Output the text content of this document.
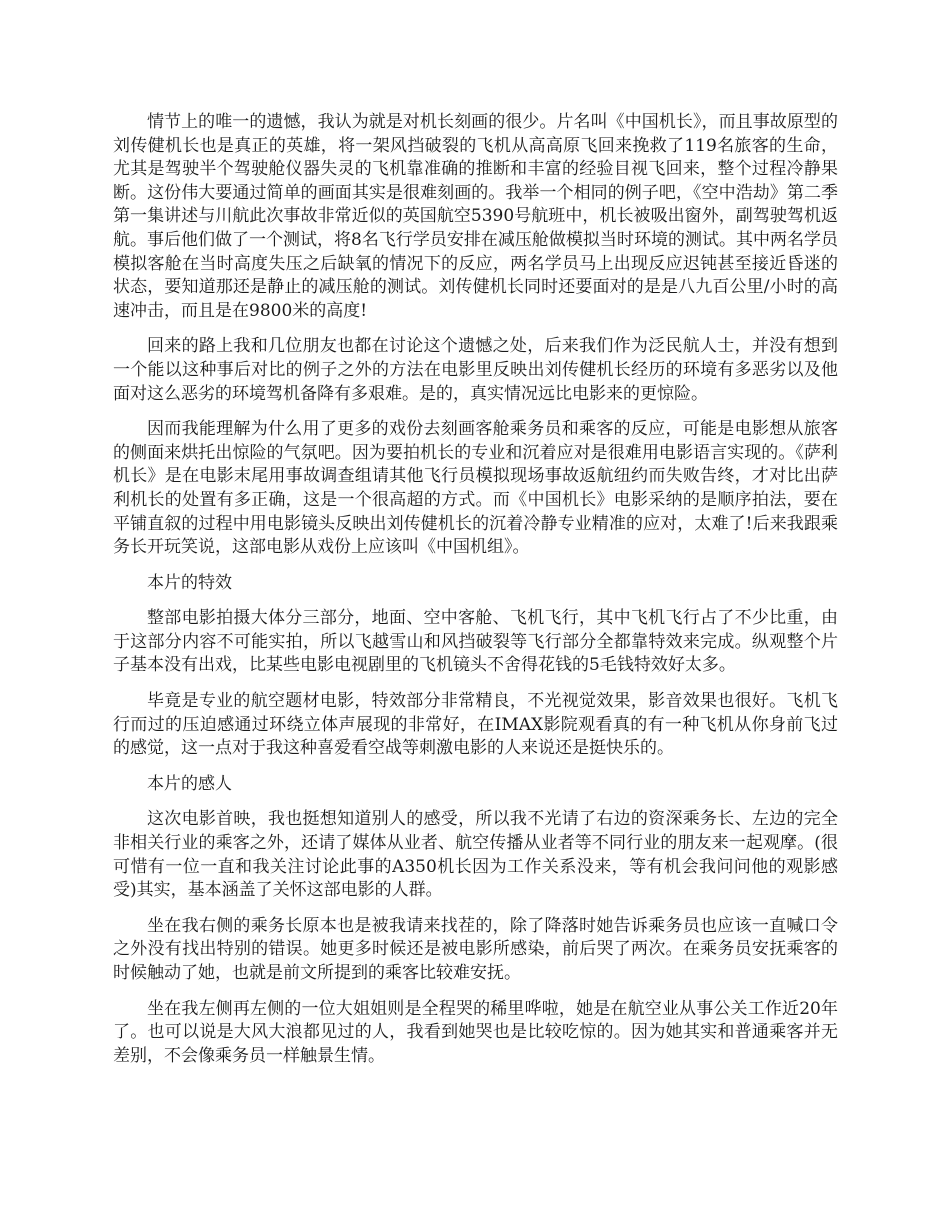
情节上的唯一的遗憾，我认为就是对机长刻画的很少。片名叫《中国机长》，而且事故原型的刘传健机长也是真正的英雄，将一架风挡破裂的飞机从高高原飞回来挽救了119名旅客的生命，尤其是驾驶半个驾驶舱仪器失灵的飞机靠准确的推断和丰富的经验目视飞回来，整个过程冷静果断。这份伟大要通过简单的画面其实是很难刻画的。我举一个相同的例子吧，《空中浩劫》第二季第一集讲述与川航此次事故非常近似的英国航空5390号航班中，机长被吸出窗外，副驾驶驾机返航。事后他们做了一个测试，将8名飞行学员安排在减压舱做模拟当时环境的测试。其中两名学员模拟客舱在当时高度失压之后缺氧的情况下的反应，两名学员马上出现反应迟钝甚至接近昏迷的状态，要知道那还是静止的减压舱的测试。刘传健机长同时还要面对的是是八九百公里/小时的高速冲击，而且是在9800米的高度!

回来的路上我和几位朋友也都在讨论这个遗憾之处，后来我们作为泛民航人士，并没有想到一个能以这种事后对比的例子之外的方法在电影里反映出刘传健机长经历的环境有多恶劣以及他面对这么恶劣的环境驾机备降有多艰难。是的，真实情况远比电影来的更惊险。

因而我能理解为什么用了更多的戏份去刻画客舱乘务员和乘客的反应，可能是电影想从旅客的侧面来烘托出惊险的气氛吧。因为要拍机长的专业和沉着应对是很难用电影语言实现的。《萨利机长》是在电影末尾用事故调查组请其他飞行员模拟现场事故返航纽约而失败告终，才对比出萨利机长的处置有多正确，这是一个很高超的方式。而《中国机长》电影采纳的是顺序拍法，要在平铺直叙的过程中用电影镜头反映出刘传健机长的沉着冷静专业精准的应对，太难了!后来我跟乘务长开玩笑说，这部电影从戏份上应该叫《中国机组》。

本片的特效

整部电影拍摄大体分三部分，地面、空中客舱、飞机飞行，其中飞机飞行占了不少比重，由于这部分内容不可能实拍，所以飞越雪山和风挡破裂等飞行部分全都靠特效来完成。纵观整个片子基本没有出戏，比某些电影电视剧里的飞机镜头不舍得花钱的5毛钱特效好太多。

毕竟是专业的航空题材电影，特效部分非常精良，不光视觉效果，影音效果也很好。飞机飞行而过的压迫感通过环绕立体声展现的非常好，在IMAX影院观看真的有一种飞机从你身前飞过的感觉，这一点对于我这种喜爱看空战等刺激电影的人来说还是挺快乐的。

本片的感人

这次电影首映，我也挺想知道别人的感受，所以我不光请了右边的资深乘务长、左边的完全非相关行业的乘客之外，还请了媒体从业者、航空传播从业者等不同行业的朋友来一起观摩。(很可惜有一位一直和我关注讨论此事的A350机长因为工作关系没来，等有机会我问问他的观影感受)其实，基本涵盖了关怀这部电影的人群。

坐在我右侧的乘务长原本也是被我请来找茬的，除了降落时她告诉乘务员也应该一直喊口令之外没有找出特别的错误。她更多时候还是被电影所感染，前后哭了两次。在乘务员安抚乘客的时候触动了她，也就是前文所提到的乘客比较难安抚。

坐在我左侧再左侧的一位大姐姐则是全程哭的稀里哗啦，她是在航空业从事公关工作近20年了。也可以说是大风大浪都见过的人，我看到她哭也是比较吃惊的。因为她其实和普通乘客并无差别，不会像乘务员一样触景生情。
